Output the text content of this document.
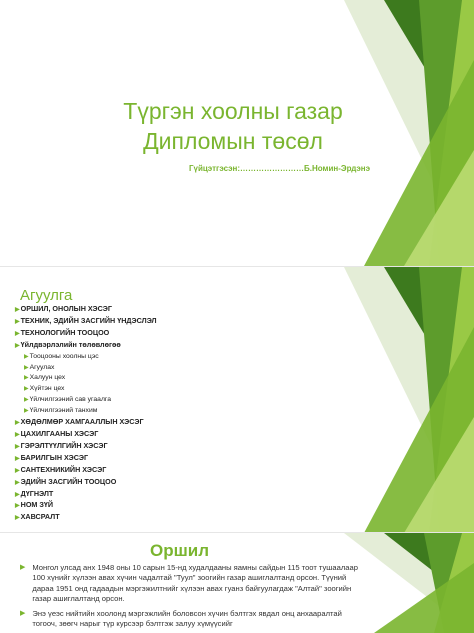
Түргэн хоолны газар
Дипломын төсөл
Гүйцэтгэсэн:……………………Б.Номин-Эрдэнэ
Агуулга
▶ОРШИЛ, ОНОЛЫН ХЭСЭГ
▶ТЕХНИК, ЭДИЙН ЗАСГИЙН ҮНДЭСЛЭЛ
▶ТЕХНОЛОГИЙН ТООЦОО
▶Үйлдвэрлэлийн төлөвлөгөө
▶Тооцооны хоолны цэс
▶Агуулах
▶Халуун цех
▶Хүйтэн цех
▶Үйлчилгээний сав угаалга
▶Үйлчилгээний танхим
▶ХӨДӨЛМӨР ХАМГААЛЛЫН ХЭСЭГ
▶ЦАХИЛГААНЫ ХЭСЭГ
▶ГЭРЭЛТҮҮЛГИЙН ХЭСЭГ
▶БАРИЛГЫН ХЭСЭГ
▶САНТЕХНИКИЙН ХЭСЭГ
▶ЭДИЙН ЗАСГИЙН ТООЦОО
▶ДҮГНЭЛТ
▶НОМ ЗҮЙ
▶ХАВСРАЛТ
Оршил

▶ Монгол улсад анх 1948 оны 10 сарын 15-нд худалдааны яамны сайдын 115 тоот тушаалаар 100 хүнийг хүлээн авах хүчин чадалтай "Туул" зоогийн газар ашиглалтанд орсон. Түүний дараа 1951 онд гадаадын мэргэжилтнийг хүлээн авах гуанз байгуулагдаж "Алтай" зоогийн газар ашиглалтанд орсон.

▶ Энэ үеэс нийтийн хоолонд мэргэжлийн боловсон хүчин бэлтгэх явдал онц анхааралтай тогооч, зөөгч нарыг түр курсээр бэлтгэж залуу хүмүүсийг
